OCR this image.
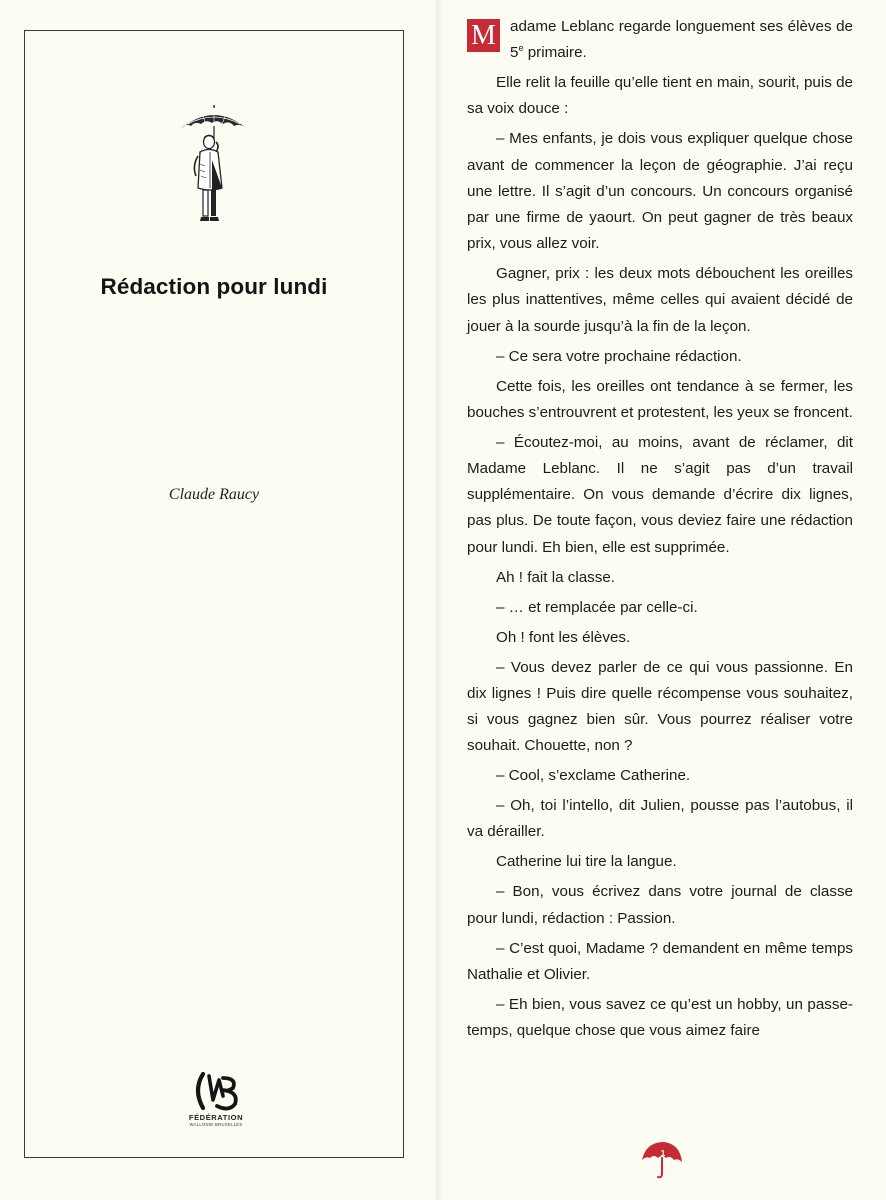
Rédaction pour lundi
Claude Raucy
FÉDÉRATION
WALLONIE-BRUXELLES

M adame Leblanc regarde longuement ses élèves de 5e primaire.

Elle relit la feuille qu’elle tient en main, sourit, puis de sa voix douce :

– Mes enfants, je dois vous expliquer quelque chose avant de commencer la leçon de géographie. J’ai reçu une lettre. Il s’agit d’un concours. Un concours organisé par une firme de yaourt. On peut gagner de très beaux prix, vous allez voir.

Gagner, prix : les deux mots débouchent les oreilles les plus inattentives, même celles qui avaient décidé de jouer à la sourde jusqu’à la fin de la leçon.

– Ce sera votre prochaine rédaction.

Cette fois, les oreilles ont tendance à se fermer, les bouches s’entrouvrent et protestent, les yeux se froncent.

– Écoutez-moi, au moins, avant de réclamer, dit Madame Leblanc. Il ne s’agit pas d’un travail supplémentaire. On vous demande d’écrire dix lignes, pas plus. De toute façon, vous deviez faire une rédaction pour lundi. Eh bien, elle est supprimée.

Ah ! fait la classe.

– … et remplacée par celle-ci.

Oh ! font les élèves.

– Vous devez parler de ce qui vous passionne. En dix lignes ! Puis dire quelle récompense vous souhaitez, si vous gagnez bien sûr. Vous pourrez réaliser votre souhait. Chouette, non ?

– Cool, s’exclame Catherine.

– Oh, toi l’intello, dit Julien, pousse pas l’autobus, il va dérailler.

Catherine lui tire la langue.

– Bon, vous écrivez dans votre journal de classe pour lundi, rédaction : Passion.

– C’est quoi, Madame ? demandent en même temps Nathalie et Olivier.

– Eh bien, vous savez ce qu’est un hobby, un passe-temps, quelque chose que vous aimez faire

1
